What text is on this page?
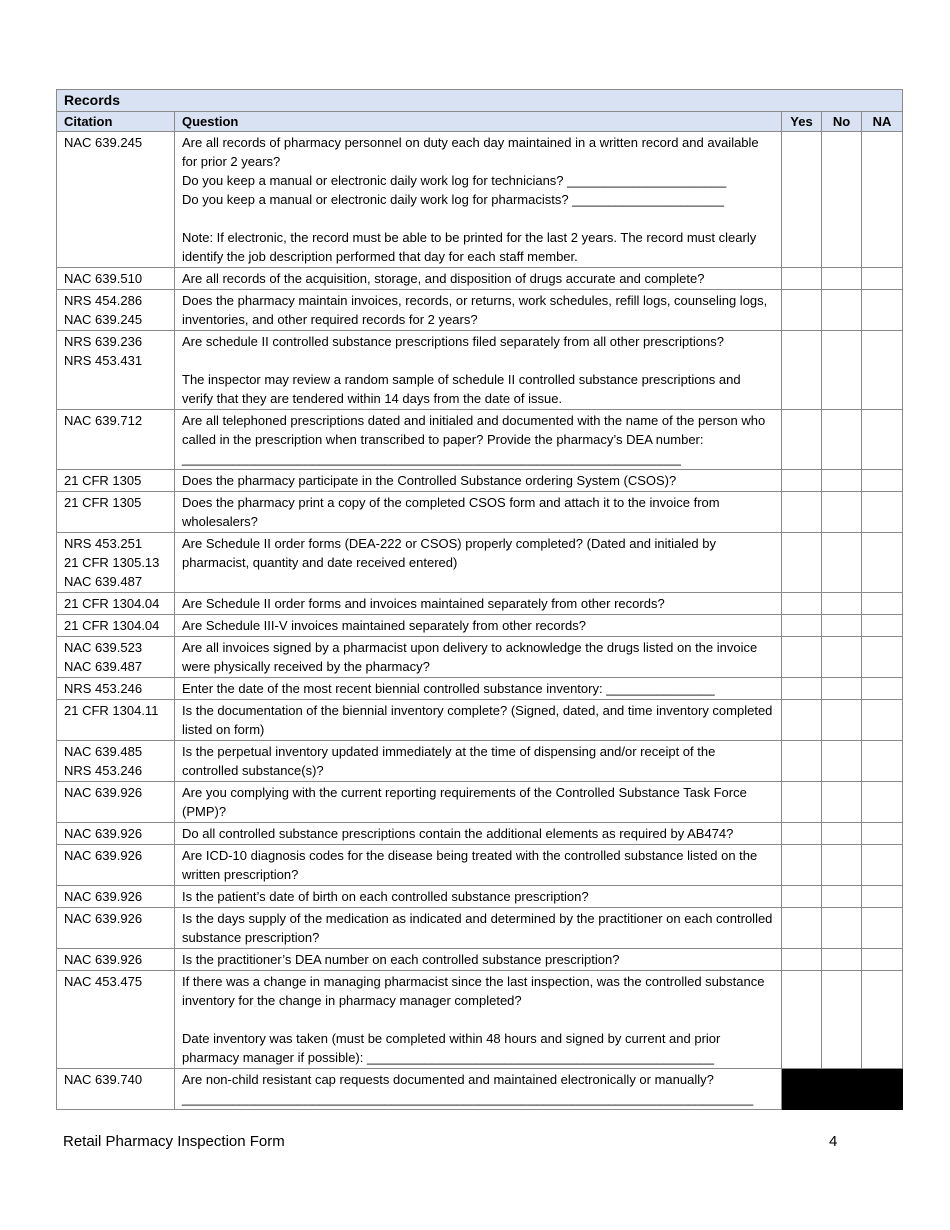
Records				
Citation	Question	Yes	No	NA
NAC 639.245	Are all records of pharmacy personnel on duty each day maintained in a written record and available for prior 2 years?
Do you keep a manual or electronic daily work log for technicians? ______________________
Do you keep a manual or electronic daily work log for pharmacists? _____________________
Note: If electronic, the record must be able to be printed for the last 2 years. The record must clearly identify the job description performed that day for each staff member.			

NAC 639.510	Are all records of the acquisition, storage, and disposition of drugs accurate and complete?			

NRS 454.286
NAC 639.245	Does the pharmacy maintain invoices, records, or returns, work schedules, refill logs, counseling logs, inventories, and other required records for 2 years?			

NRS 639.236
NRS 453.431	Are schedule II controlled substance prescriptions filed separately from all other prescriptions?
The inspector may review a random sample of schedule II controlled substance prescriptions and verify that they are tendered within 14 days from the date of issue.			

NAC 639.712	Are all telephoned prescriptions dated and initialed and documented with the name of the person who called in the prescription when transcribed to paper? Provide the pharmacy’s DEA number: _____________________________________________________________________			

21 CFR 1305	Does the pharmacy participate in the Controlled Substance ordering System (CSOS)?			

21 CFR 1305	Does the pharmacy print a copy of the completed CSOS form and attach it to the invoice from wholesalers?			

NRS 453.251
21 CFR 1305.13
NAC 639.487	Are Schedule II order forms (DEA-222 or CSOS) properly completed? (Dated and initialed by pharmacist, quantity and date received entered)			

21 CFR 1304.04	Are Schedule II order forms and invoices maintained separately from other records?			

21 CFR 1304.04	Are Schedule III-V invoices maintained separately from other records?			

NAC 639.523
NAC 639.487	Are all invoices signed by a pharmacist upon delivery to acknowledge the drugs listed on the invoice were physically received by the pharmacy?			

NRS 453.246	Enter the date of the most recent biennial controlled substance inventory: _______________			

21 CFR 1304.11	Is the documentation of the biennial inventory complete? (Signed, dated, and time inventory completed listed on form)			

NAC 639.485
NRS 453.246	Is the perpetual inventory updated immediately at the time of dispensing and/or receipt of the controlled substance(s)?			

NAC 639.926	Are you complying with the current reporting requirements of the Controlled Substance Task Force (PMP)?			

NAC 639.926	Do all controlled substance prescriptions contain the additional elements as required by AB474?			

NAC 639.926	Are ICD-10 diagnosis codes for the disease being treated with the controlled substance listed on the written prescription?			

NAC 639.926	Is the patient’s date of birth on each controlled substance prescription?			

NAC 639.926	Is the days supply of the medication as indicated and determined by the practitioner on each controlled substance prescription?			

NAC 639.926	Is the practitioner’s DEA number on each controlled substance prescription?			

NAC 453.475	If there was a change in managing pharmacist since the last inspection, was the controlled substance inventory for the change in pharmacy manager completed?
Date inventory was taken (must be completed within 48 hours and signed by current and prior pharmacy manager if possible): ________________________________________________			

NAC 639.740	Are non-child resistant cap requests documented and maintained electronically or manually? _______________________________________________________________________________			

Retail Pharmacy Inspection Form	4
